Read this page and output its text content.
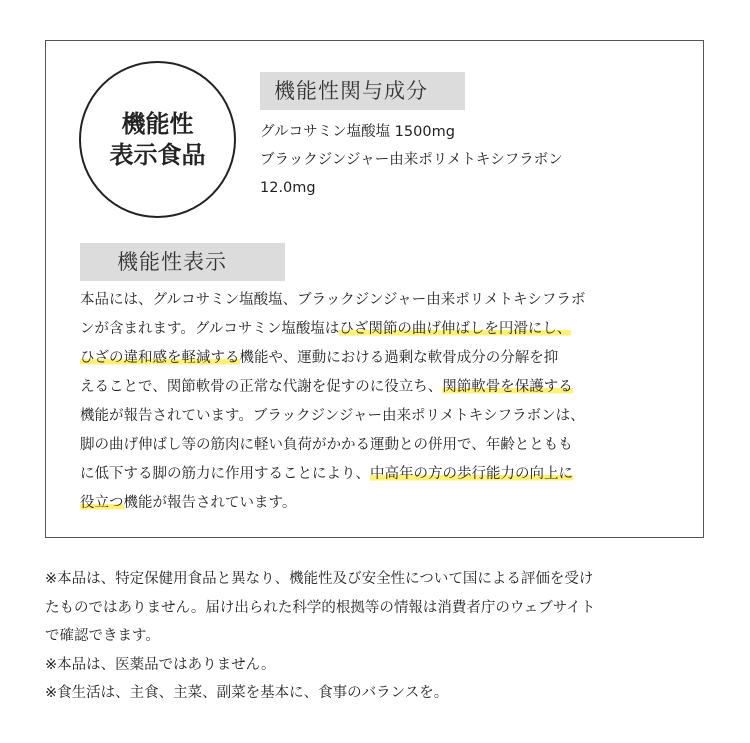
機能性
表示食品
機能性関与成分
グルコサミン塩酸塩 1500mg
ブラックジンジャー由来ポリメトキシフラボン
12.0mg
機能性表示
本品には、グルコサミン塩酸塩、ブラックジンジャー由来ポリメトキシフラボ
ンが含まれます。グルコサミン塩酸塩はひざ関節の曲げ伸ばしを円滑にし、
ひざの違和感を軽減する機能や、運動における過剰な軟骨成分の分解を抑
えることで、関節軟骨の正常な代謝を促すのに役立ち、関節軟骨を保護する
機能が報告されています。ブラックジンジャー由来ポリメトキシフラボンは、
脚の曲げ伸ばし等の筋肉に軽い負荷がかかる運動との併用で、年齢とともも
に低下する脚の筋力に作用することにより、中高年の方の歩行能力の向上に
役立つ機能が報告されています。
※本品は、特定保健用食品と異なり、機能性及び安全性について国による評価を受け
たものではありません。届け出られた科学的根拠等の情報は消費者庁のウェブサイト
で確認できます。
※本品は、医薬品ではありません。
※食生活は、主食、主菜、副菜を基本に、食事のバランスを。
